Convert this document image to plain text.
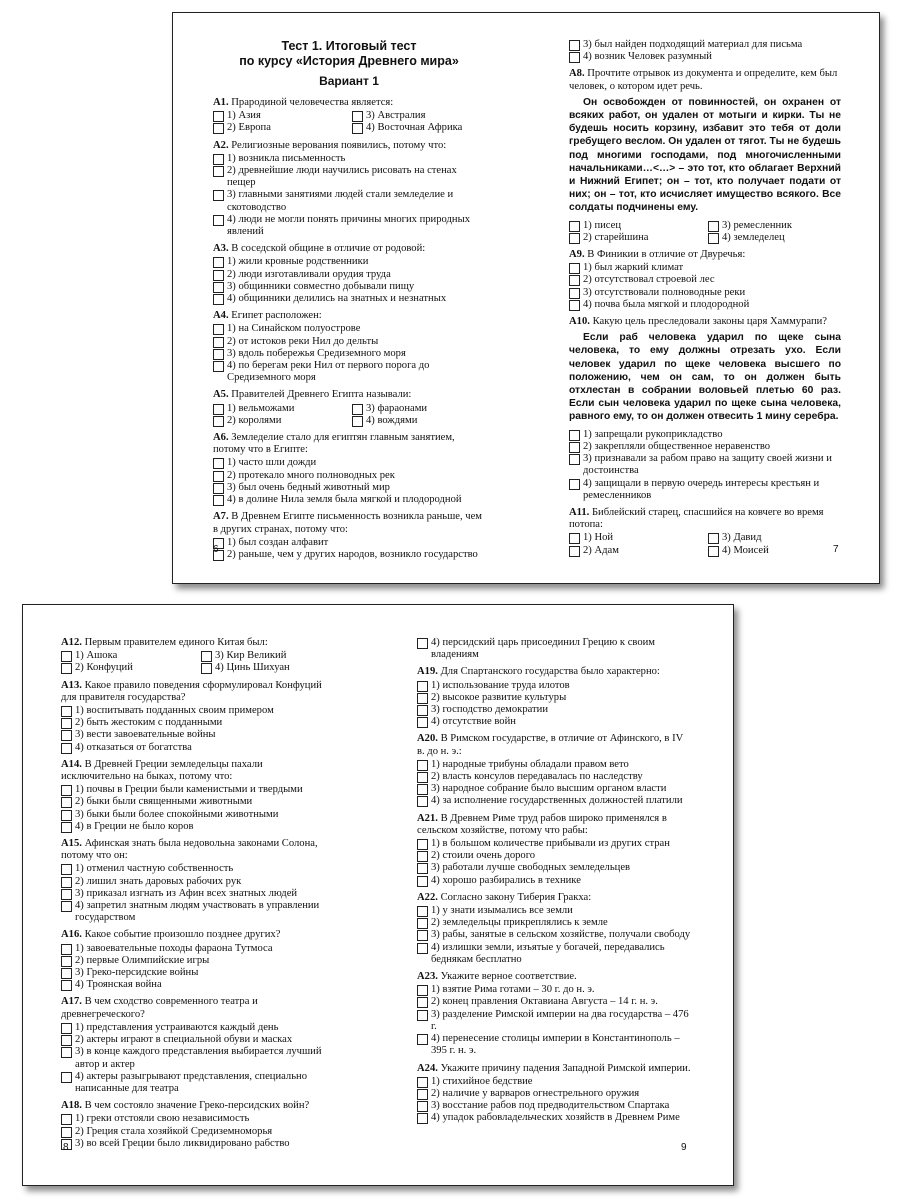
Тест 1. Итоговый тест
по курсу «История Древнего мира»
Вариант 1
А1. Прародиной человечества является:
1) Азия	3) Австралия
2) Европа	4) Восточная Африка
А2. Религиозные верования появились, потому что:
1) возникла письменность
2) древнейшие люди научились рисовать на стенах пещер
3) главными занятиями людей стали земледелие и скотоводство
4) люди не могли понять причины многих природных явлений
А3. В соседской общине в отличие от родовой:
1) жили кровные родственники
2) люди изготавливали орудия труда
3) общинники совместно добывали пищу
4) общинники делились на знатных и незнатных
А4. Египет расположен:
1) на Синайском полуострове
2) от истоков реки Нил до дельты
3) вдоль побережья Средиземного моря
4) по берегам реки Нил от первого порога до Средиземного моря
А5. Правителей Древнего Египта называли:
1) вельможами	3) фараонами
2) королями	4) вождями
А6. Земледелие стало для египтян главным занятием, потому что в Египте:
1) часто шли дожди
2) протекало много полноводных рек
3) был очень бедный животный мир
4) в долине Нила земля была мягкой и плодородной
А7. В Древнем Египте письменность возникла раньше, чем в других странах, потому что:
1) был создан алфавит
2) раньше, чем у других народов, возникло государство
6
3) был найден подходящий материал для письма
4) возник Человек разумный
А8. Прочтите отрывок из документа и определите, кем был человек, о котором идет речь.
Он освобожден от повинностей, он охранен от всяких работ, он удален от мотыги и кирки. Ты не будешь носить корзину, избавит это тебя от доли гребущего веслом. Он удален от тягот. Ты не будешь под многими господами, под многочисленными начальниками…<…> – это тот, кто облагает Верхний и Нижний Египет; он – тот, кто получает подати от них; он – тот, кто исчисляет имущество всякого. Все солдаты подчинены ему.
1) писец	3) ремесленник
2) старейшина	4) земледелец
А9. В Финикии в отличие от Двуречья:
1) был жаркий климат
2) отсутствовал строевой лес
3) отсутствовали полноводные реки
4) почва была мягкой и плодородной
А10. Какую цель преследовали законы царя Хаммурапи?
Если раб человека ударил по щеке сына человека, то ему должны отрезать ухо. Если человек ударил по щеке человека высшего по положению, чем он сам, то он должен быть отхлестан в собрании воловьей плетью 60 раз. Если сын человека ударил по щеке сына человека, равного ему, то он должен отвесить 1 мину серебра.
1) запрещали рукоприкладство
2) закрепляли общественное неравенство
3) признавали за рабом право на защиту своей жизни и достоинства
4) защищали в первую очередь интересы крестьян и ремесленников
А11. Библейский старец, спасшийся на ковчеге во время потопа:
1) Ной	3) Давид
2) Адам	4) Моисей	7
А12. Первым правителем единого Китая был:
1) Ашока	3) Кир Великий
2) Конфуций	4) Цинь Шихуан
А13. Какое правило поведения сформулировал Конфуций для правителя государства?
1) воспитывать подданных своим примером
2) быть жестоким с подданными
3) вести завоевательные войны
4) отказаться от богатства
А14. В Древней Греции земледельцы пахали исключительно на быках, потому что:
1) почвы в Греции были каменистыми и твердыми
2) быки были священными животными
3) быки были более спокойными животными
4) в Греции не было коров
А15. Афинская знать была недовольна законами Солона, потому что он:
1) отменил частную собственность
2) лишил знать даровых рабочих рук
3) приказал изгнать из Афин всех знатных людей
4) запретил знатным людям участвовать в управлении государством
А16. Какое событие произошло позднее других?
1) завоевательные походы фараона Тутмоса
2) первые Олимпийские игры
3) Греко-персидские войны
4) Троянская война
А17. В чем сходство современного театра и древнегреческого?
1) представления устраиваются каждый день
2) актеры играют в специальной обуви и масках
3) в конце каждого представления выбирается лучший автор и актер
4) актеры разыгрывают представления, специально написанные для театра
А18. В чем состояло значение Греко-персидских войн?
1) греки отстояли свою независимость
2) Греция стала хозяйкой Средиземноморья
3) во всей Греции было ликвидировано рабство
8
4) персидский царь присоединил Грецию к своим владениям
А19. Для Спартанского государства было характерно:
1) использование труда илотов
2) высокое развитие культуры
3) господство демократии
4) отсутствие войн
А20. В Римском государстве, в отличие от Афинского, в IV в. до н. э.:
1) народные трибуны обладали правом вето
2) власть консулов передавалась по наследству
3) народное собрание было высшим органом власти
4) за исполнение государственных должностей платили
А21. В Древнем Риме труд рабов широко применялся в сельском хозяйстве, потому что рабы:
1) в большом количестве прибывали из других стран
2) стоили очень дорого
3) работали лучше свободных земледельцев
4) хорошо разбирались в технике
А22. Согласно закону Тиберия Гракха:
1) у знати изымались все земли
2) земледельцы прикреплялись к земле
3) рабы, занятые в сельском хозяйстве, получали свободу
4) излишки земли, изъятые у богачей, передавались беднякам бесплатно
А23. Укажите верное соответствие.
1) взятие Рима готами – 30 г. до н. э.
2) конец правления Октавиана Августа – 14 г. н. э.
3) разделение Римской империи на два государства – 476 г.
4) перенесение столицы империи в Константинополь – 395 г. н. э.
А24. Укажите причину падения Западной Римской империи.
1) стихийное бедствие
2) наличие у варваров огнестрельного оружия
3) восстание рабов под предводительством Спартака
4) упадок рабовладельческих хозяйств в Древнем Риме
9
